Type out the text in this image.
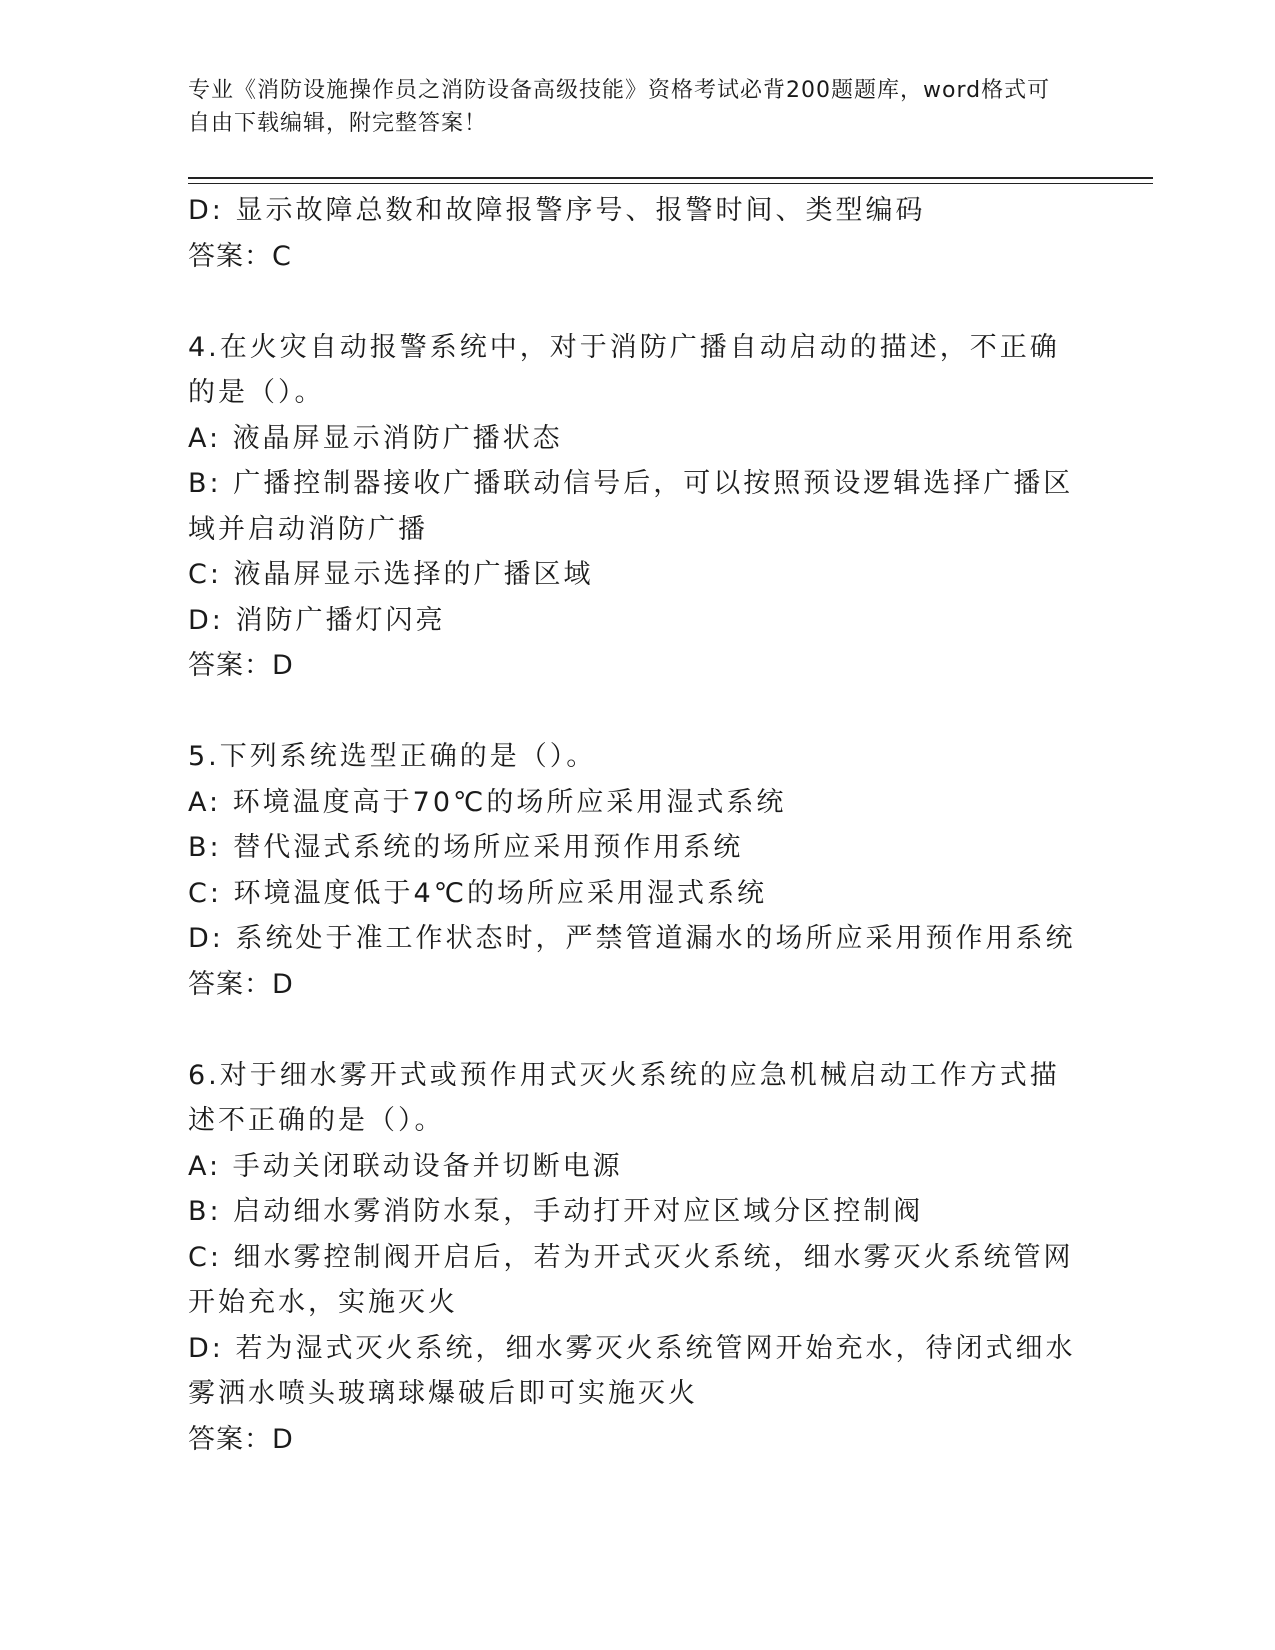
专业《消防设施操作员之消防设备高级技能》资格考试必背200题题库，word格式可自由下载编辑，附完整答案！

D: 显示故障总数和故障报警序号、报警时间、类型编码

答案：C

4.在火灾自动报警系统中，对于消防广播自动启动的描述，不正确的是（）。

A: 液晶屏显示消防广播状态

B: 广播控制器接收广播联动信号后，可以按照预设逻辑选择广播区域并启动消防广播

C: 液晶屏显示选择的广播区域

D: 消防广播灯闪亮

答案：D

5.下列系统选型正确的是（）。

A: 环境温度高于70℃的场所应采用湿式系统

B: 替代湿式系统的场所应采用预作用系统

C: 环境温度低于4℃的场所应采用湿式系统

D: 系统处于准工作状态时，严禁管道漏水的场所应采用预作用系统

答案：D

6.对于细水雾开式或预作用式灭火系统的应急机械启动工作方式描述不正确的是（）。

A: 手动关闭联动设备并切断电源

B: 启动细水雾消防水泵，手动打开对应区域分区控制阀

C: 细水雾控制阀开启后，若为开式灭火系统，细水雾灭火系统管网开始充水，实施灭火

D: 若为湿式灭火系统，细水雾灭火系统管网开始充水，待闭式细水雾洒水喷头玻璃球爆破后即可实施灭火

答案：D
